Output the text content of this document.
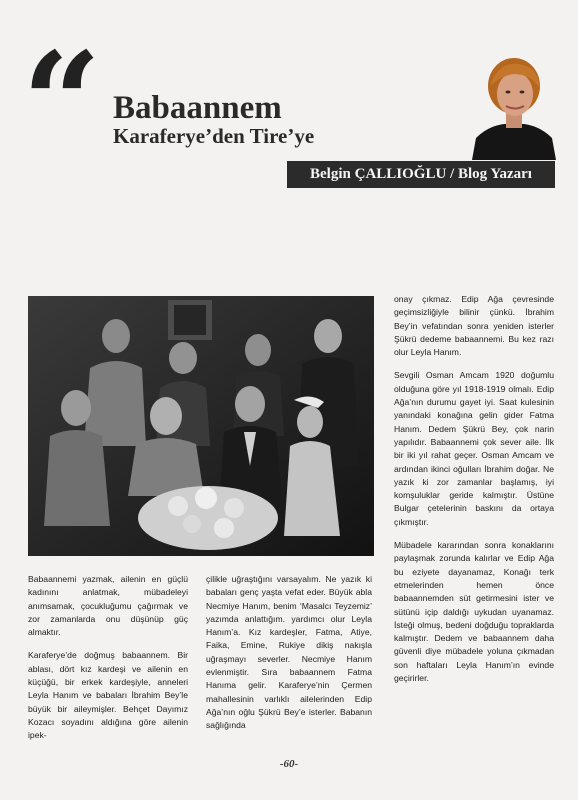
“ Babaannem
Karaferye’den Tire’ye
Belgin ÇALLIOĞLU / Blog Yazarı

Babaannemi yazmak, ailenin en güçlü kadınını anlatmak, mübadeleyi anımsamak, çocukluğumu çağırmak ve zor zamanlarda onu düşünüp güç almaktır.

Karaferye’de doğmuş babaannem. Bir ablası, dört kız kardeşi ve ailenin en küçüğü, bir erkek kardeşiyle, anneleri Leyla Hanım ve babaları İbrahim Bey’le büyük bir aileymişler. Behçet Dayımız Kozacı soyadını aldığına göre ailenin ipek-

çilikle uğraştığını varsayalım. Ne yazık ki babaları genç yaşta vefat eder. Büyük abla Necmiye Hanım, benim ‘Masalcı Teyzemiz’ yazımda anlattığım. yardımcı olur Leyla Hanım’a. Kız kardeşler, Fatma, Atiye, Faika, Emine, Rukiye dikiş nakışla uğraşmayı severler. Necmiye Hanım evlenmiştir. Sıra babaannem Fatma Hanıma gelir. Karaferye’nin Çermen mahallesinin varlıklı ailelerinden Edip Ağa’nın oğlu Şükrü Bey’e isterler. Babanın sağlığında

onay çıkmaz. Edip Ağa çevresinde geçimsizliğiyle bilinir çünkü. İbrahim Bey’in vefatından sonra yeniden isterler Şükrü dedeme babaannemi. Bu kez razı olur Leyla Hanım.

Sevgili Osman Amcam 1920 doğumlu olduğuna göre yıl 1918-1919 olmalı. Edip Ağa’nın durumu gayet iyi. Saat kulesinin yanındaki konağına gelin gider Fatma Hanım. Dedem Şükrü Bey, çok narin yapılıdır. Babaannemi çok sever aile. İlk bir iki yıl rahat geçer. Osman Amcam ve ardından ikinci oğulları İbrahim doğar. Ne yazık ki zor zamanlar başlamış, iyi komşuluklar geride kalmıştır. Üstüne Bulgar çetelerinin baskını da ortaya çıkmıştır.

Mübadele kararından sonra konaklarını paylaşmak zorunda kalırlar ve Edip Ağa bu eziyete dayanamaz, Konağı terk etmelerinden hemen önce babaannemden süt getirmesini ister ve sütünü içip daldığı uykudan uyanamaz. İsteği olmuş, bedeni doğduğu topraklarda kalmıştır. Dedem ve babaannem daha güvenli diye mübadele yoluna çıkmadan son haftaları Leyla Hanım’ın evinde geçirirler.

-60-
